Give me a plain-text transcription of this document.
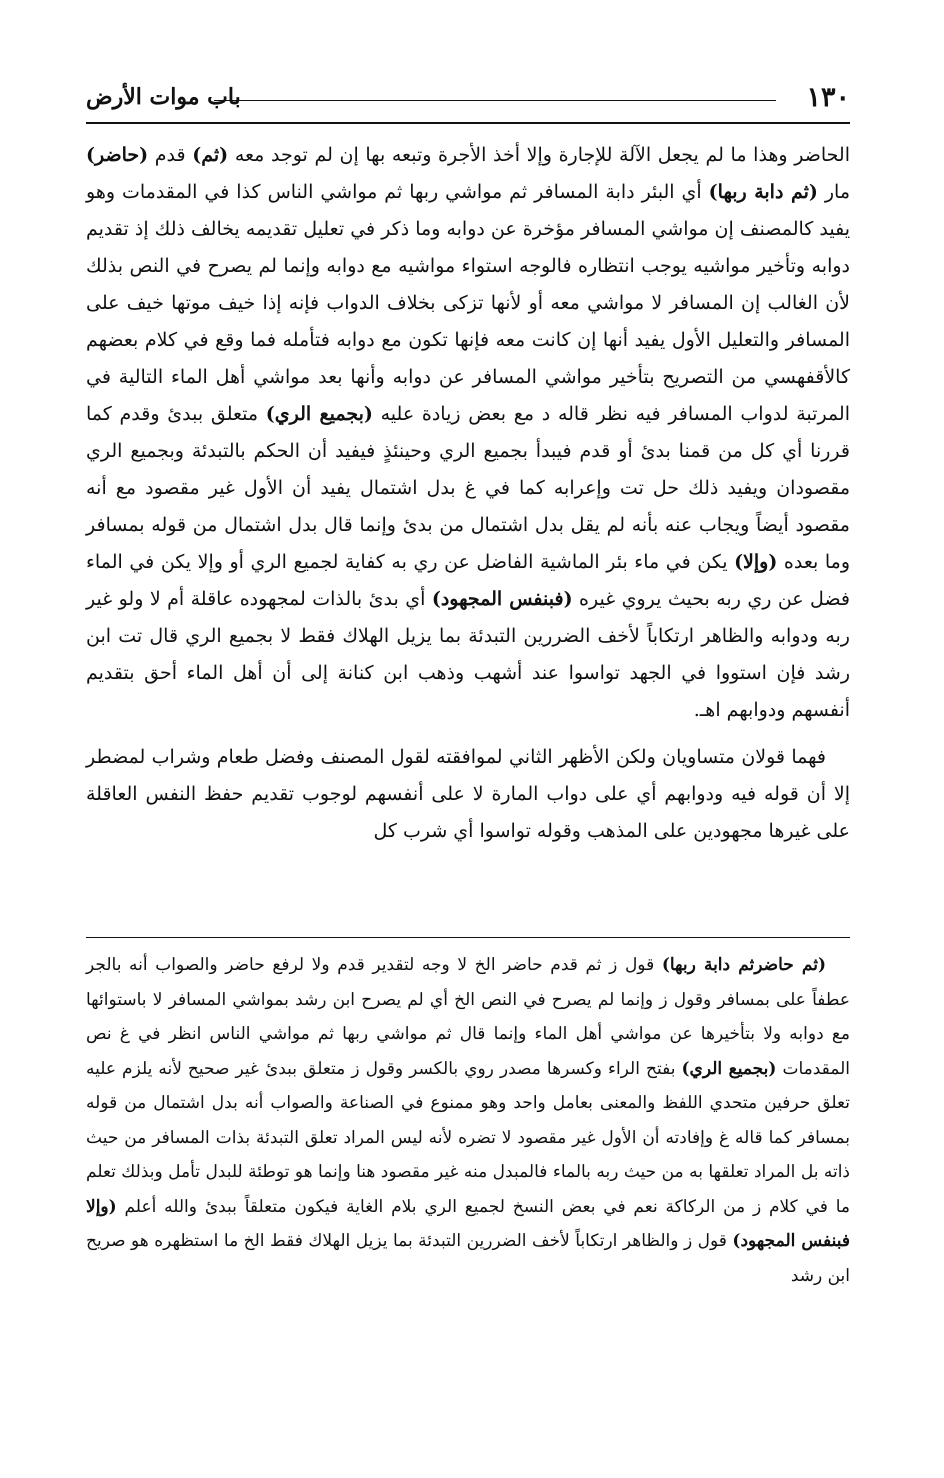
١٣٠
باب موات الأرض

الحاضر وهذا ما لم يجعل الآلة للإجارة وإلا أخذ الأجرة وتبعه بها إن لم توجد معه (ثم) قدم (حاضر) مار (ثم دابة ربها) أي البئر دابة المسافر ثم مواشي ربها ثم مواشي الناس كذا في المقدمات وهو يفيد كالمصنف إن مواشي المسافر مؤخرة عن دوابه وما ذكر في تعليل تقديمه يخالف ذلك إذ تقديم دوابه وتأخير مواشيه يوجب انتظاره فالوجه استواء مواشيه مع دوابه وإنما لم يصرح في النص بذلك لأن الغالب إن المسافر لا مواشي معه أو لأنها تزكى بخلاف الدواب فإنه إذا خيف موتها خيف على المسافر والتعليل الأول يفيد أنها إن كانت معه فإنها تكون مع دوابه فتأمله فما وقع في كلام بعضهم كالأقفهسي من التصريح بتأخير مواشي المسافر عن دوابه وأنها بعد مواشي أهل الماء التالية في المرتبة لدواب المسافر فيه نظر قاله د مع بعض زيادة عليه (بجميع الري) متعلق ببدئ وقدم كما قررنا أي كل من قمنا بدئ أو قدم فيبدأ بجميع الري وحينئذٍ فيفيد أن الحكم بالتبدئة وبجميع الري مقصودان ويفيد ذلك حل تت وإعرابه كما في غ بدل اشتمال يفيد أن الأول غير مقصود مع أنه مقصود أيضاً ويجاب عنه بأنه لم يقل بدل اشتمال من بدئ وإنما قال بدل اشتمال من قوله بمسافر وما بعده (وإلا) يكن في ماء بئر الماشية الفاضل عن ري به كفاية لجميع الري أو وإلا يكن في الماء فضل عن ري ربه بحيث يروي غيره (فبنفس المجهود) أي بدئ بالذات لمجهوده عاقلة أم لا ولو غير ربه ودوابه والظاهر ارتكاباً لأخف الضررين التبدئة بما يزيل الهلاك فقط لا بجميع الري قال تت ابن رشد فإن استووا في الجهد تواسوا عند أشهب وذهب ابن كنانة إلى أن أهل الماء أحق بتقديم أنفسهم ودوابهم اهـ.

فهما قولان متساويان ولكن الأظهر الثاني لموافقته لقول المصنف وفضل طعام وشراب لمضطر إلا أن قوله فيه ودوابهم أي على دواب المارة لا على أنفسهم لوجوب تقديم حفظ النفس العاقلة على غيرها مجهودين على المذهب وقوله تواسوا أي شرب كل

(ثم حاضرثم دابة ربها) قول ز ثم قدم حاضر الخ لا وجه لتقدير قدم ولا لرفع حاضر والصواب أنه بالجر عطفاً على بمسافر وقول ز وإنما لم يصرح في النص الخ أي لم يصرح ابن رشد بمواشي المسافر لا باستوائها مع دوابه ولا بتأخيرها عن مواشي أهل الماء وإنما قال ثم مواشي ربها ثم مواشي الناس انظر في غ نص المقدمات (بجميع الري) بفتح الراء وكسرها مصدر روي بالكسر وقول ز متعلق ببدئ غير صحيح لأنه يلزم عليه تعلق حرفين متحدي اللفظ والمعنى بعامل واحد وهو ممنوع في الصناعة والصواب أنه بدل اشتمال من قوله بمسافر كما قاله غ وإفادته أن الأول غير مقصود لا تضره لأنه ليس المراد تعلق التبدئة بذات المسافر من حيث ذاته بل المراد تعلقها به من حيث ربه بالماء فالمبدل منه غير مقصود هنا وإنما هو توطئة للبدل تأمل وبذلك تعلم ما في كلام ز من الركاكة نعم في بعض النسخ لجميع الري بلام الغاية فيكون متعلقاً ببدئ والله أعلم (وإلا فبنفس المجهود) قول ز والظاهر ارتكاباً لأخف الضررين التبدئة بما يزيل الهلاك فقط الخ ما استظهره هو صريح ابن رشد
